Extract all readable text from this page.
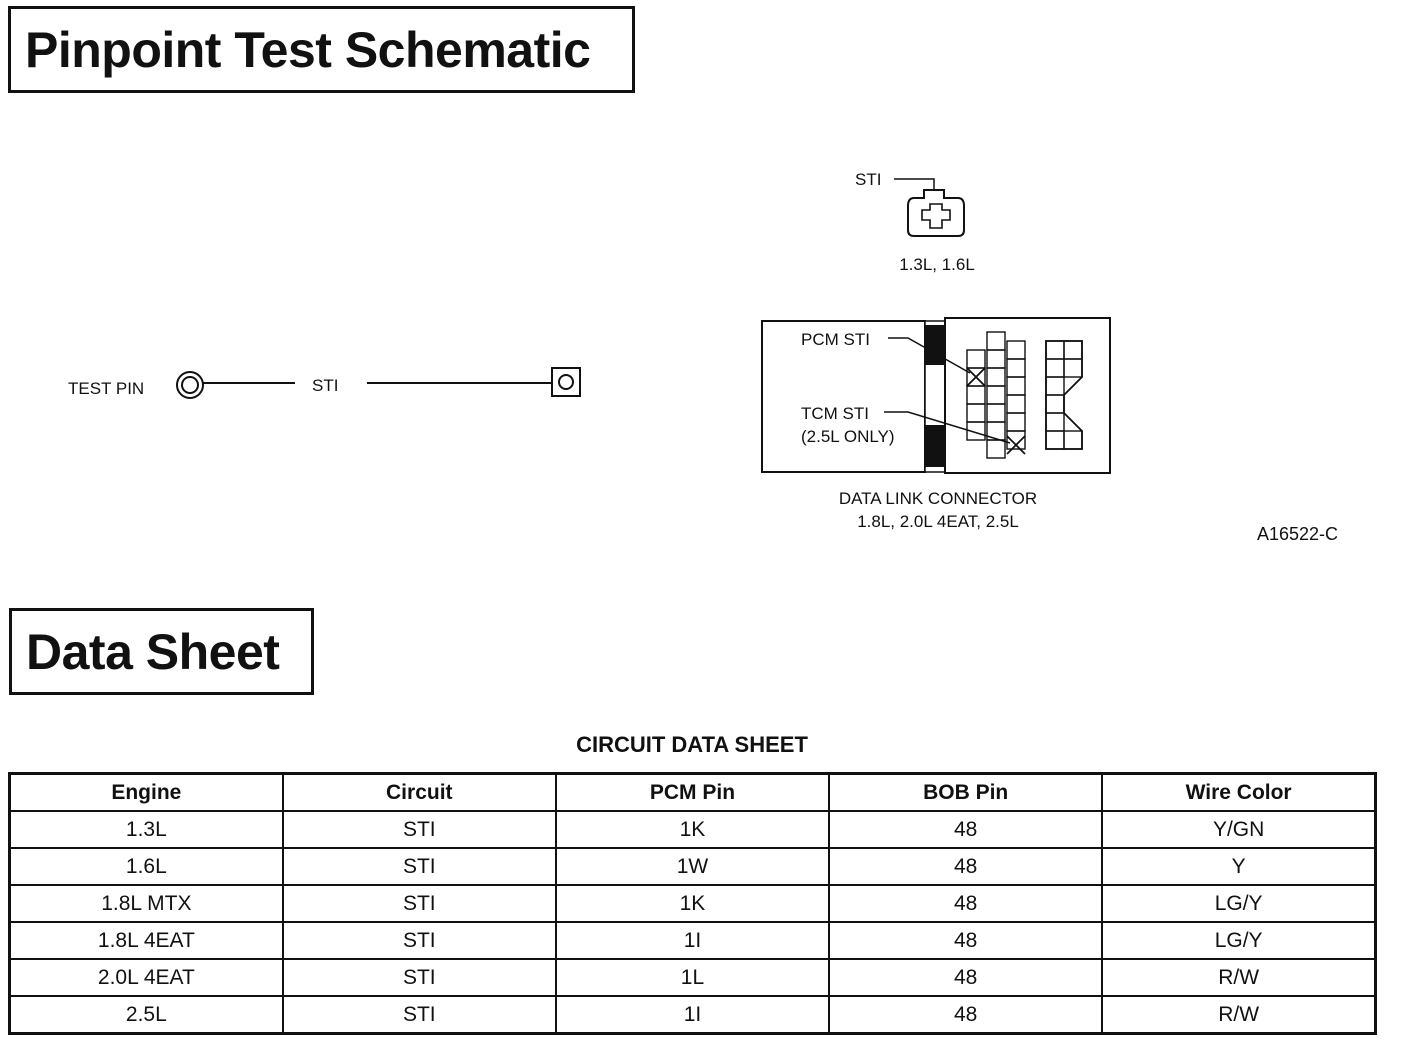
Pinpoint Test Schematic
TEST PIN	STI
STI
1.3L, 1.6L
PCM STI
TCM STI
(2.5L ONLY)
DATA LINK CONNECTOR
1.8L, 2.0L 4EAT, 2.5L
A16522-C
Data Sheet
CIRCUIT DATA SHEET
Engine	Circuit	PCM Pin	BOB Pin	Wire Color
1.3L	STI	1K	48	Y/GN
1.6L	STI	1W	48	Y
1.8L MTX	STI	1K	48	LG/Y
1.8L 4EAT	STI	1I	48	LG/Y
2.0L 4EAT	STI	1L	48	R/W
2.5L	STI	1I	48	R/W
